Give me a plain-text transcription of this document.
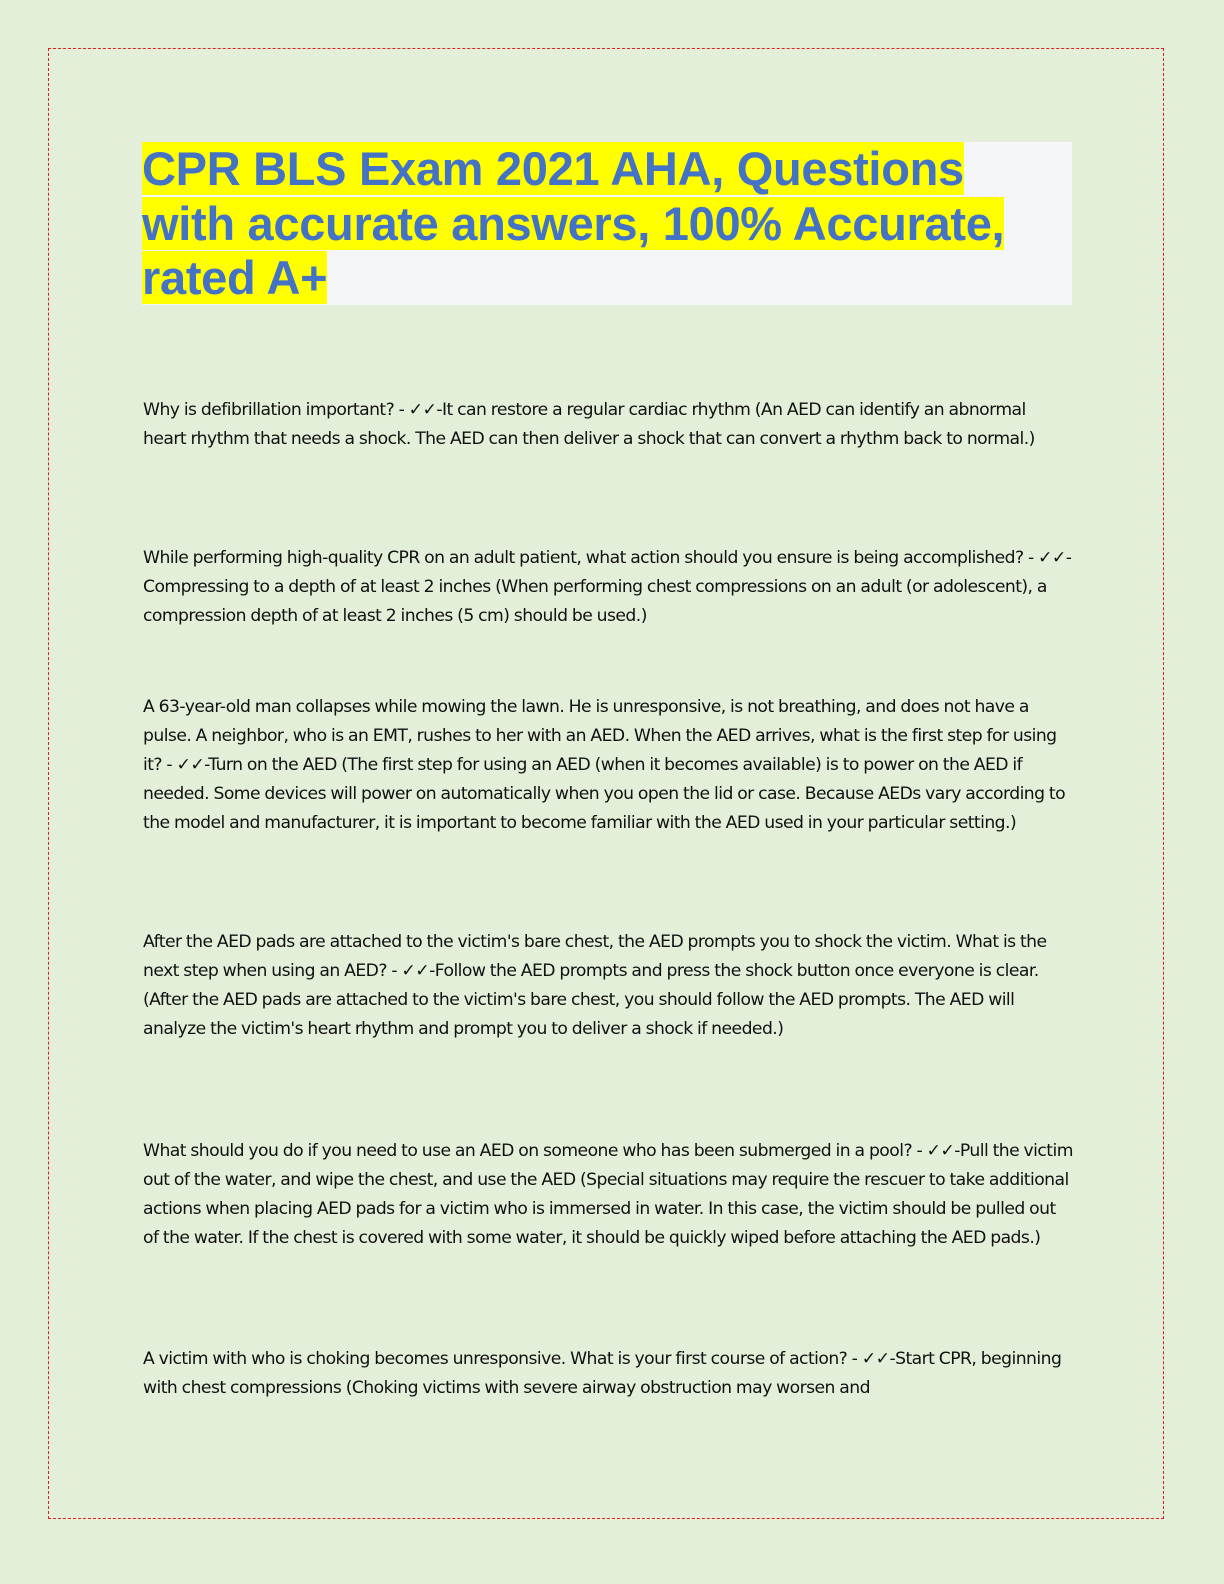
CPR BLS Exam 2021 AHA, Questions
with accurate answers, 100% Accurate,
rated A+

Why is defibrillation important? - ✓✓-It can restore a regular cardiac rhythm (An AED can identify an abnormal heart rhythm that needs a shock. The AED can then deliver a shock that can convert a rhythm back to normal.)

While performing high-quality CPR on an adult patient, what action should you ensure is being accomplished? - ✓✓-Compressing to a depth of at least 2 inches (When performing chest compressions on an adult (or adolescent), a compression depth of at least 2 inches (5 cm) should be used.)

A 63-year-old man collapses while mowing the lawn. He is unresponsive, is not breathing, and does not have a pulse. A neighbor, who is an EMT, rushes to her with an AED. When the AED arrives, what is the first step for using it? - ✓✓-Turn on the AED (The first step for using an AED (when it becomes available) is to power on the AED if needed. Some devices will power on automatically when you open the lid or case. Because AEDs vary according to the model and manufacturer, it is important to become familiar with the AED used in your particular setting.)

After the AED pads are attached to the victim's bare chest, the AED prompts you to shock the victim. What is the next step when using an AED? - ✓✓-Follow the AED prompts and press the shock button once everyone is clear. (After the AED pads are attached to the victim's bare chest, you should follow the AED prompts. The AED will analyze the victim's heart rhythm and prompt you to deliver a shock if needed.)

What should you do if you need to use an AED on someone who has been submerged in a pool? - ✓✓-Pull the victim out of the water, and wipe the chest, and use the AED (Special situations may require the rescuer to take additional actions when placing AED pads for a victim who is immersed in water. In this case, the victim should be pulled out of the water. If the chest is covered with some water, it should be quickly wiped before attaching the AED pads.)

A victim with who is choking becomes unresponsive. What is your first course of action? - ✓✓-Start CPR, beginning with chest compressions (Choking victims with severe airway obstruction may worsen and
